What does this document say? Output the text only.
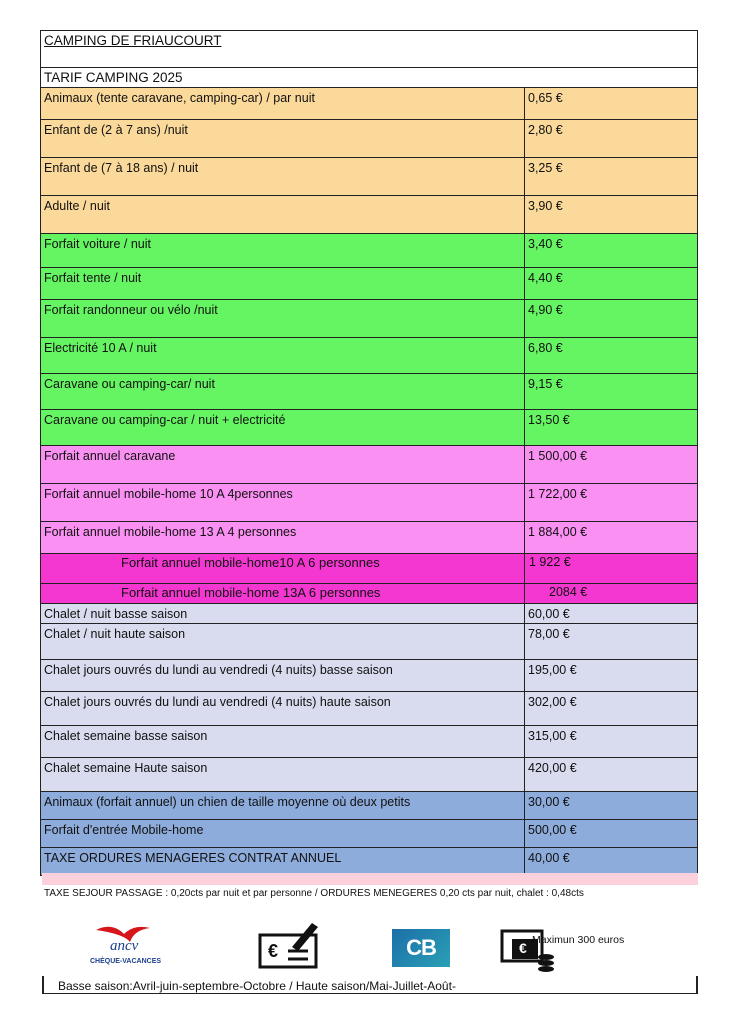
CAMPING DE FRIAUCOURT
TARIF CAMPING 2025
Animaux (tente caravane, camping-car) / par nuit	0,65 €
Enfant de (2 à 7 ans) /nuit	2,80 €
Enfant de (7 à 18 ans) / nuit	3,25 €
Adulte / nuit	3,90 €
Forfait voiture / nuit	3,40 €
Forfait tente / nuit	4,40 €
Forfait randonneur ou vélo /nuit	4,90 €
Electricité 10 A / nuit	6,80 €
Caravane ou camping-car/ nuit	9,15 €
Caravane ou camping-car / nuit + electricité	13,50 €
Forfait annuel caravane	1 500,00 €
Forfait annuel mobile-home 10 A 4personnes	1 722,00 €
Forfait annuel mobile-home 13 A 4 personnes	1 884,00 €
Forfait annuel mobile-home10 A 6 personnes	1 922 €
Forfait annuel mobile-home 13A 6 personnes	2084 €
Chalet / nuit basse saison	60,00 €
Chalet / nuit haute saison	78,00 €
Chalet jours ouvrés du lundi au vendredi (4 nuits) basse saison	195,00 €
Chalet jours ouvrés du lundi au vendredi (4 nuits) haute saison	302,00 €
Chalet semaine basse saison	315,00 €
Chalet semaine Haute saison	420,00 €
Animaux (forfait annuel) un chien de taille moyenne où deux petits	30,00 €
Forfait d'entrée Mobile-home	500,00 €
TAXE ORDURES MENAGERES CONTRAT ANNUEL	40,00 €
TAXE SEJOUR PASSAGE : 0,20cts par nuit et par personne / ORDURES MENEGERES 0,20 cts par nuit, chalet : 0,48cts
ancv
CHÈQUE-VACANCES
€	CB	€ Maximun 300 euros
Basse saison:Avril-juin-septembre-Octobre / Haute saison/Mai-Juillet-Août-
